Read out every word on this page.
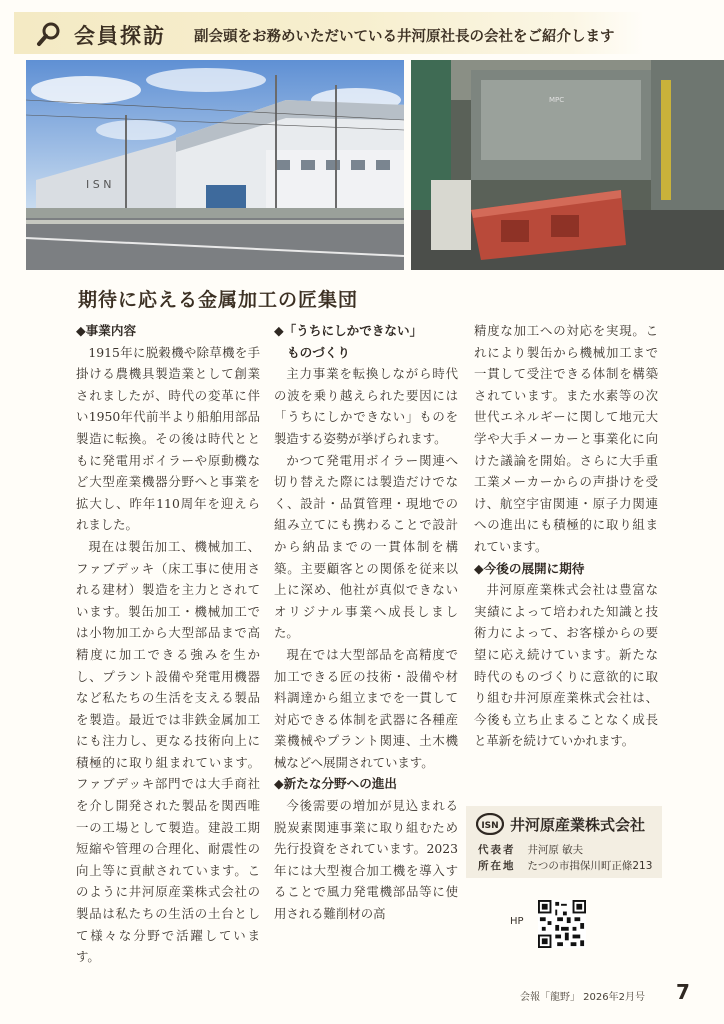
会員探訪 副会頭をお務めいただいている井河原社長の会社をご紹介します
I S N
MPC
期待に応える金属加工の匠集団
◆事業内容

1915年に脱穀機や除草機を手掛ける農機具製造業として創業されましたが、時代の変革に伴い1950年代前半より船舶用部品製造に転換。その後は時代とともに発電用ボイラーや原動機など大型産業機器分野へと事業を拡大し、昨年110周年を迎えられました。

現在は製缶加工、機械加工、ファブデッキ（床工事に使用される建材）製造を主力とされています。製缶加工・機械加工では小物加工から大型部品まで高精度に加工できる強みを生かし、プラント設備や発電用機器など私たちの生活を支える製品を製造。最近では非鉄金属加工にも注力し、更なる技術向上に積極的に取り組まれています。ファブデッキ部門では大手商社を介し開発された製品を関西唯一の工場として製造。建設工期短縮や管理の合理化、耐震性の向上等に貢献されています。このように井河原産業株式会社の製品は私たちの生活の土台として様々な分野で活躍しています。

◆「うちにしかできない」
ものづくり

主力事業を転換しながら時代の波を乗り越えられた要因には「うちにしかできない」ものを製造する姿勢が挙げられます。

かつて発電用ボイラー関連へ切り替えた際には製造だけでなく、設計・品質管理・現地での組み立てにも携わることで設計から納品までの一貫体制を構築。主要顧客との関係を従来以上に深め、他社が真似できないオリジナル事業へ成長しました。

現在では大型部品を高精度で加工できる匠の技術・設備や材料調達から組立までを一貫して対応できる体制を武器に各種産業機械やプラント関連、土木機械などへ展開されています。

◆新たな分野への進出

今後需要の増加が見込まれる脱炭素関連事業に取り組むため先行投資をされています。2023年には大型複合加工機を導入することで風力発電機部品等に使用される難削材の高

精度な加工への対応を実現。これにより製缶から機械加工まで一貫して受注できる体制を構築されています。また水素等の次世代エネルギーに関して地元大学や大手メーカーと事業化に向けた議論を開始。さらに大手重工業メーカーからの声掛けを受け、航空宇宙関連・原子力関連への進出にも積極的に取り組まれています。

◆今後の展開に期待

井河原産業株式会社は豊富な実績によって培われた知識と技術力によって、お客様からの要望に応え続けています。新たな時代のものづくりに意欲的に取り組む井河原産業株式会社は、今後も立ち止まることなく成長と革新を続けていかれます。

ISN 井河原産業株式会社
代表者 井河原 敏夫
所在地 たつの市揖保川町正條213
HP
会報「龍野」 2026年2月号 7
